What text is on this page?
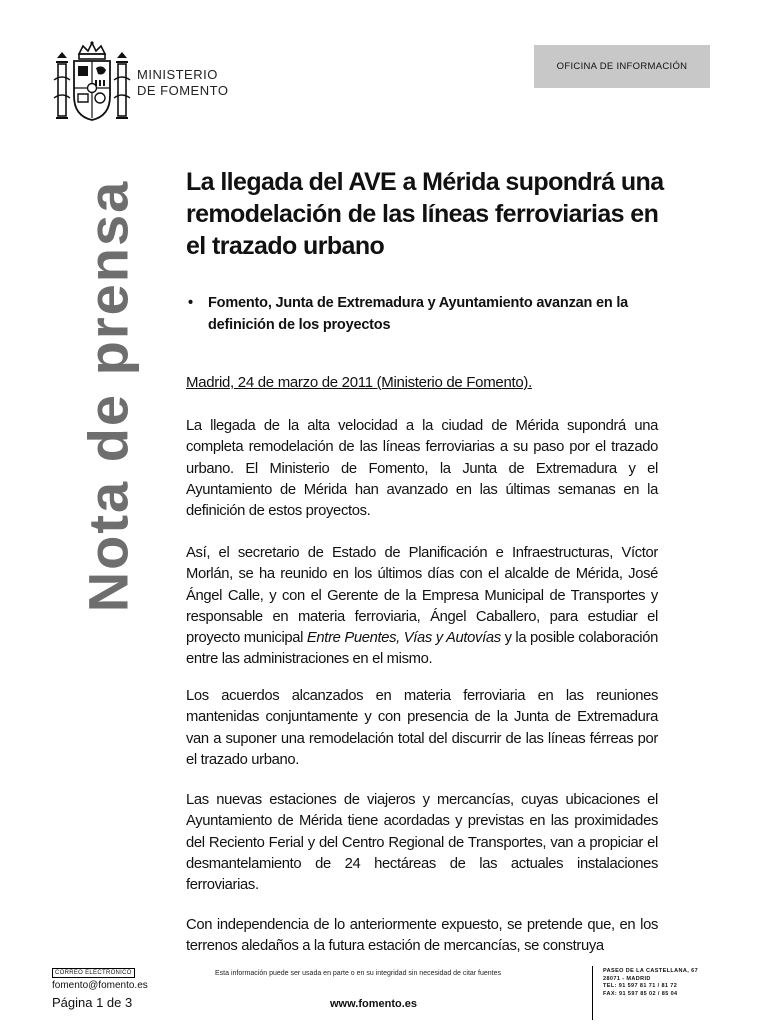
MINISTERIO
DE FOMENTO
OFICINA DE INFORMACIÓN
Nota de prensa La llegada del AVE a Mérida supondrá una remodelación de las líneas ferroviarias en el trazado urbano
• Fomento, Junta de Extremadura y Ayuntamiento avanzan en la definición de los proyectos
Madrid, 24 de marzo de 2011 (Ministerio de Fomento).

La llegada de la alta velocidad a la ciudad de Mérida supondrá una completa remodelación de las líneas ferroviarias a su paso por el trazado urbano. El Ministerio de Fomento, la Junta de Extremadura y el Ayuntamiento de Mérida han avanzado en las últimas semanas en la definición de estos proyectos.

Así, el secretario de Estado de Planificación e Infraestructuras, Víctor Morlán, se ha reunido en los últimos días con el alcalde de Mérida, José Ángel Calle, y con el Gerente de la Empresa Municipal de Transportes y responsable en materia ferroviaria, Ángel Caballero, para estudiar el proyecto municipal Entre Puentes, Vías y Autovías y la posible colaboración entre las administraciones en el mismo.

Los acuerdos alcanzados en materia ferroviaria en las reuniones mantenidas conjuntamente y con presencia de la Junta de Extremadura van a suponer una remodelación total del discurrir de las líneas férreas por el trazado urbano.

Las nuevas estaciones de viajeros y mercancías, cuyas ubicaciones el Ayuntamiento de Mérida tiene acordadas y previstas en las proximidades del Reciento Ferial y del Centro Regional de Transportes, van a propiciar el desmantelamiento de 24 hectáreas de las actuales instalaciones ferroviarias.

Con independencia de lo anteriormente expuesto, se pretende que, en los terrenos aledaños a la futura estación de mercancías, se construya

CORREO ELECTRÓNICO
fomento@fomento.es
Página 1 de 3
Esta información puede ser usada en parte o en su integridad sin necesidad de citar fuentes
www.fomento.es
PASEO DE LA CASTELLANA, 67
28071 - MADRID
TEL: 91 597 81 71 / 81 72
FAX: 91 597 85 02 / 85 04
